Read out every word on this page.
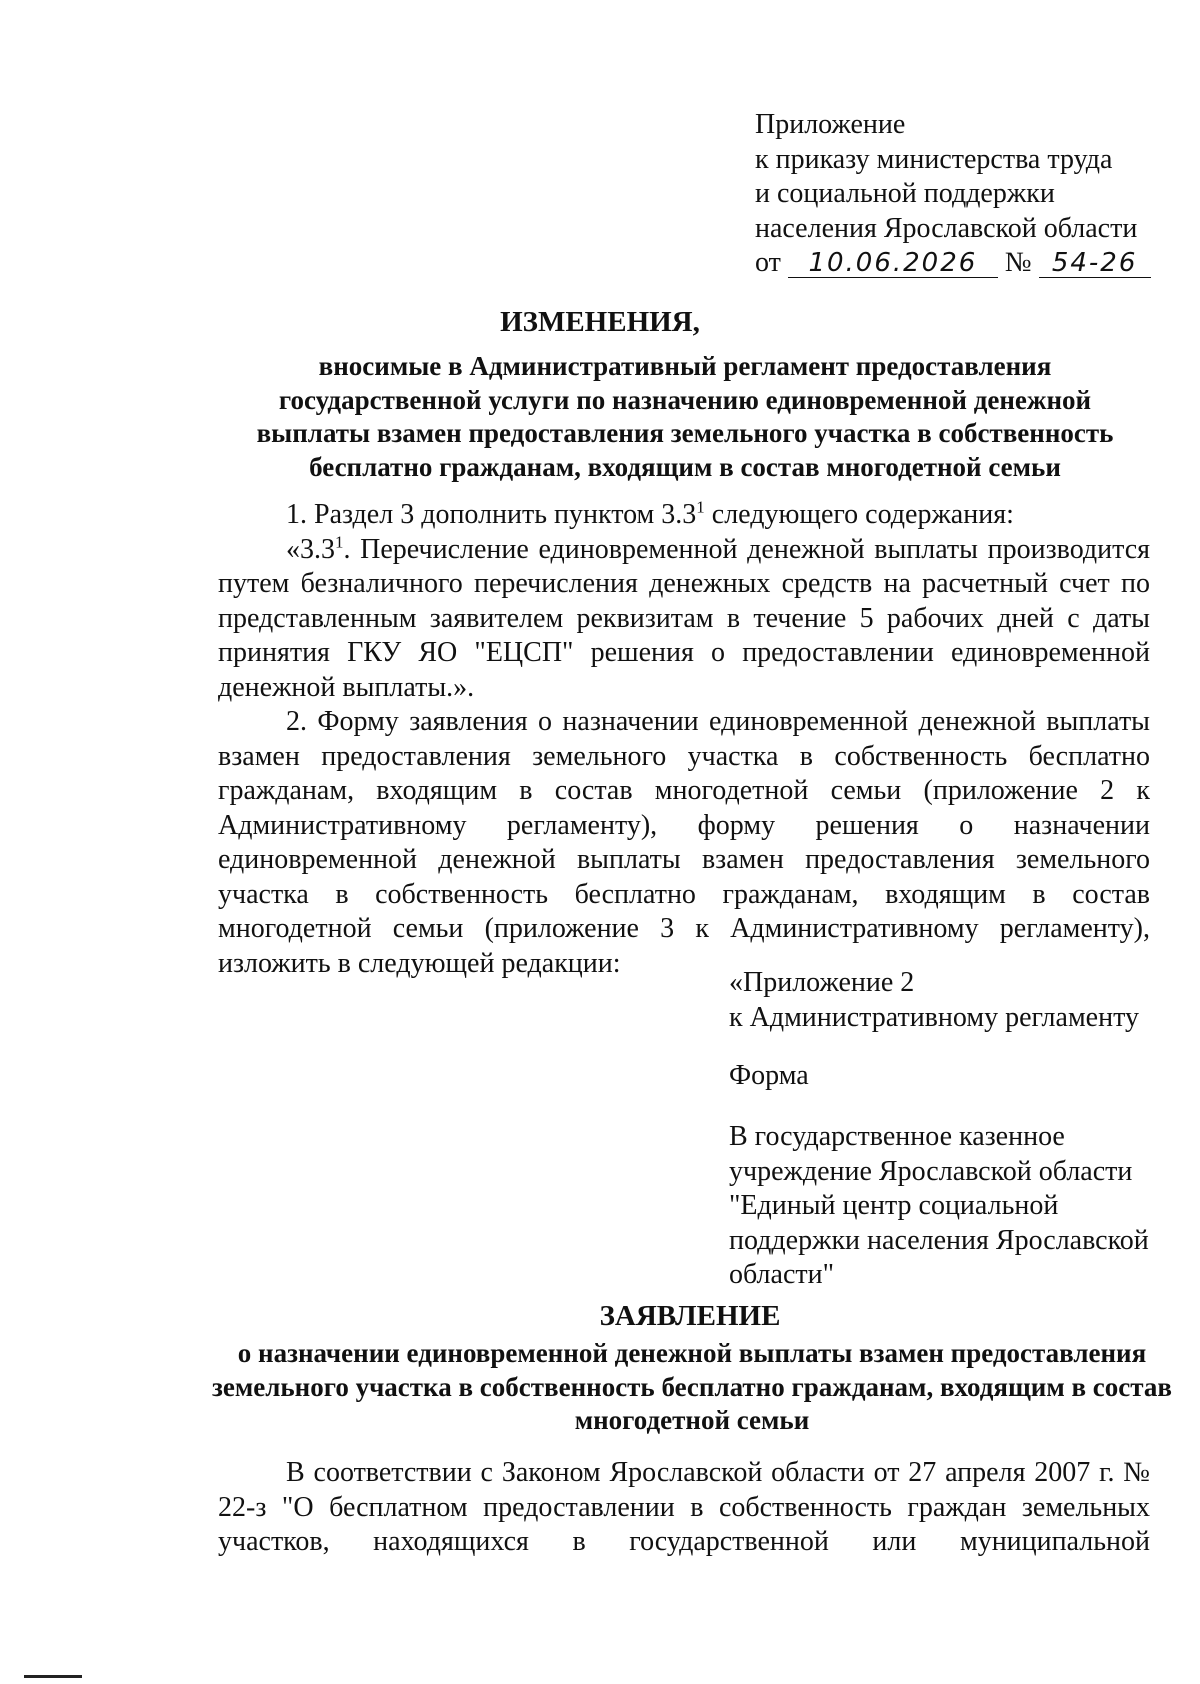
Приложение
к приказу министерства труда
и социальной поддержки
населения Ярославской области
от 10.06.2026 № 54-26
ИЗМЕНЕНИЯ,
вносимые в Административный регламент предоставления государственной услуги по назначению единовременной денежной выплаты взамен предоставления земельного участка в собственность бесплатно гражданам, входящим в состав многодетной семьи

1. Раздел 3 дополнить пунктом $3.3^1$ следующего содержания:

«$3.3^1$. Перечисление единовременной денежной выплаты производится путем безналичного перечисления денежных средств на расчетный счет по представленным заявителем реквизитам в течение 5 рабочих дней с даты принятия ГКУ ЯО "ЕЦСП" решения о предоставлении единовременной денежной выплаты.».

2. Форму заявления о назначении единовременной денежной выплаты взамен предоставления земельного участка в собственность бесплатно гражданам, входящим в состав многодетной семьи (приложение 2 к Административному регламенту), форму решения о назначении единовременной денежной выплаты взамен предоставления земельного участка в собственность бесплатно гражданам, входящим в состав многодетной семьи (приложение 3 к Административному регламенту), изложить в следующей редакции:

«Приложение 2
к Административному регламенту
Форма
В государственное казенное
учреждение Ярославской области
"Единый центр социальной
поддержки населения Ярославской
области"
ЗАЯВЛЕНИЕ
о назначении единовременной денежной выплаты взамен предоставления земельного участка в собственность бесплатно гражданам, входящим в состав многодетной семьи

В соответствии с Законом Ярославской области от 27 апреля 2007 г. № 22-з "О бесплатном предоставлении в собственность граждан земельных участков, находящихся в государственной или муниципальной
